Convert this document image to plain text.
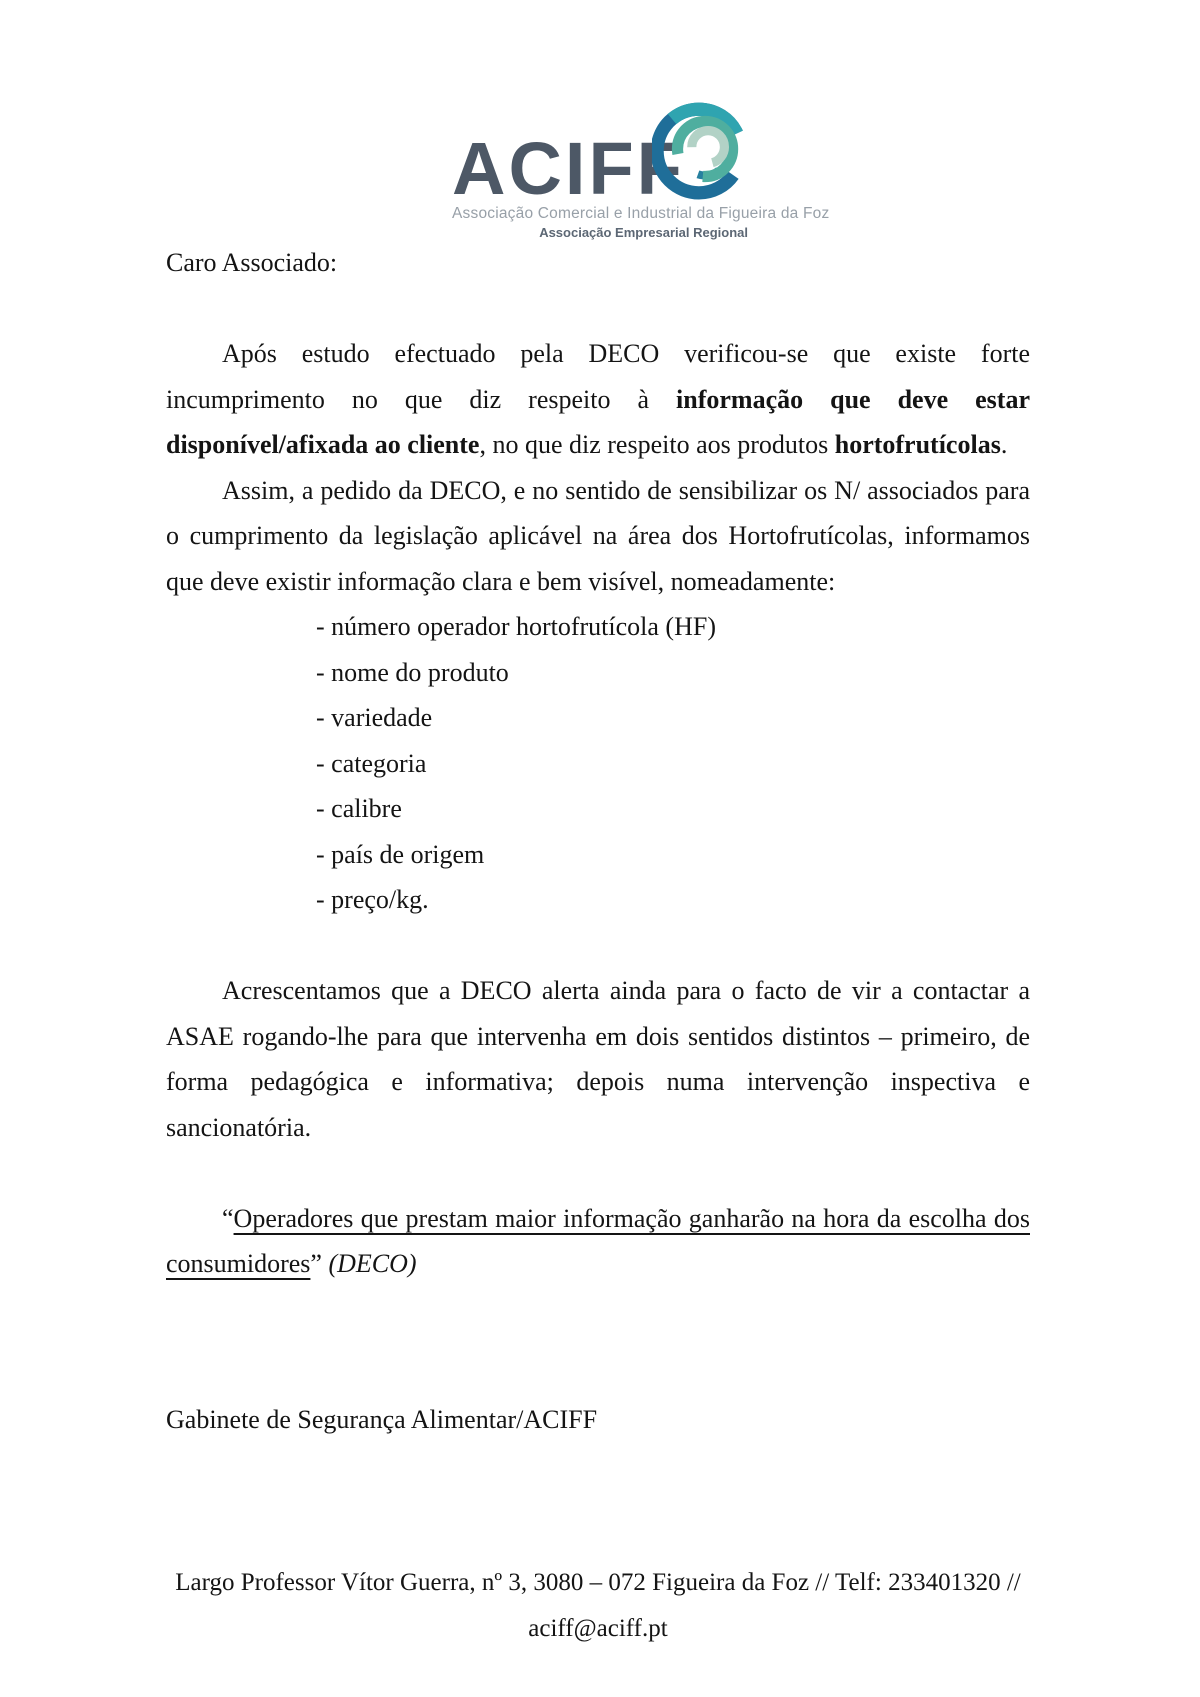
ACIFF
Associação Comercial e Industrial da Figueira da Foz
Associação Empresarial Regional

Caro Associado:

Após estudo efectuado pela DECO verificou-se que existe forte incumprimento no que diz respeito à informação que deve estar disponível/afixada ao cliente, no que diz respeito aos produtos hortofrutícolas.

Assim, a pedido da DECO, e no sentido de sensibilizar os N/ associados para o cumprimento da legislação aplicável na área dos Hortofrutícolas, informamos que deve existir informação clara e bem visível, nomeadamente:

- número operador hortofrutícola (HF)
- nome do produto
- variedade
- categoria
- calibre
- país de origem
- preço/kg.

Acrescentamos que a DECO alerta ainda para o facto de vir a contactar a ASAE rogando-lhe para que intervenha em dois sentidos distintos – primeiro, de forma pedagógica e informativa; depois numa intervenção inspectiva e sancionatória.

“Operadores que prestam maior informação ganharão na hora da escolha dos consumidores” (DECO)

Gabinete de Segurança Alimentar/ACIFF

Largo Professor Vítor Guerra, nº 3, 3080 – 072 Figueira da Foz // Telf: 233401320 // aciff@aciff.pt
